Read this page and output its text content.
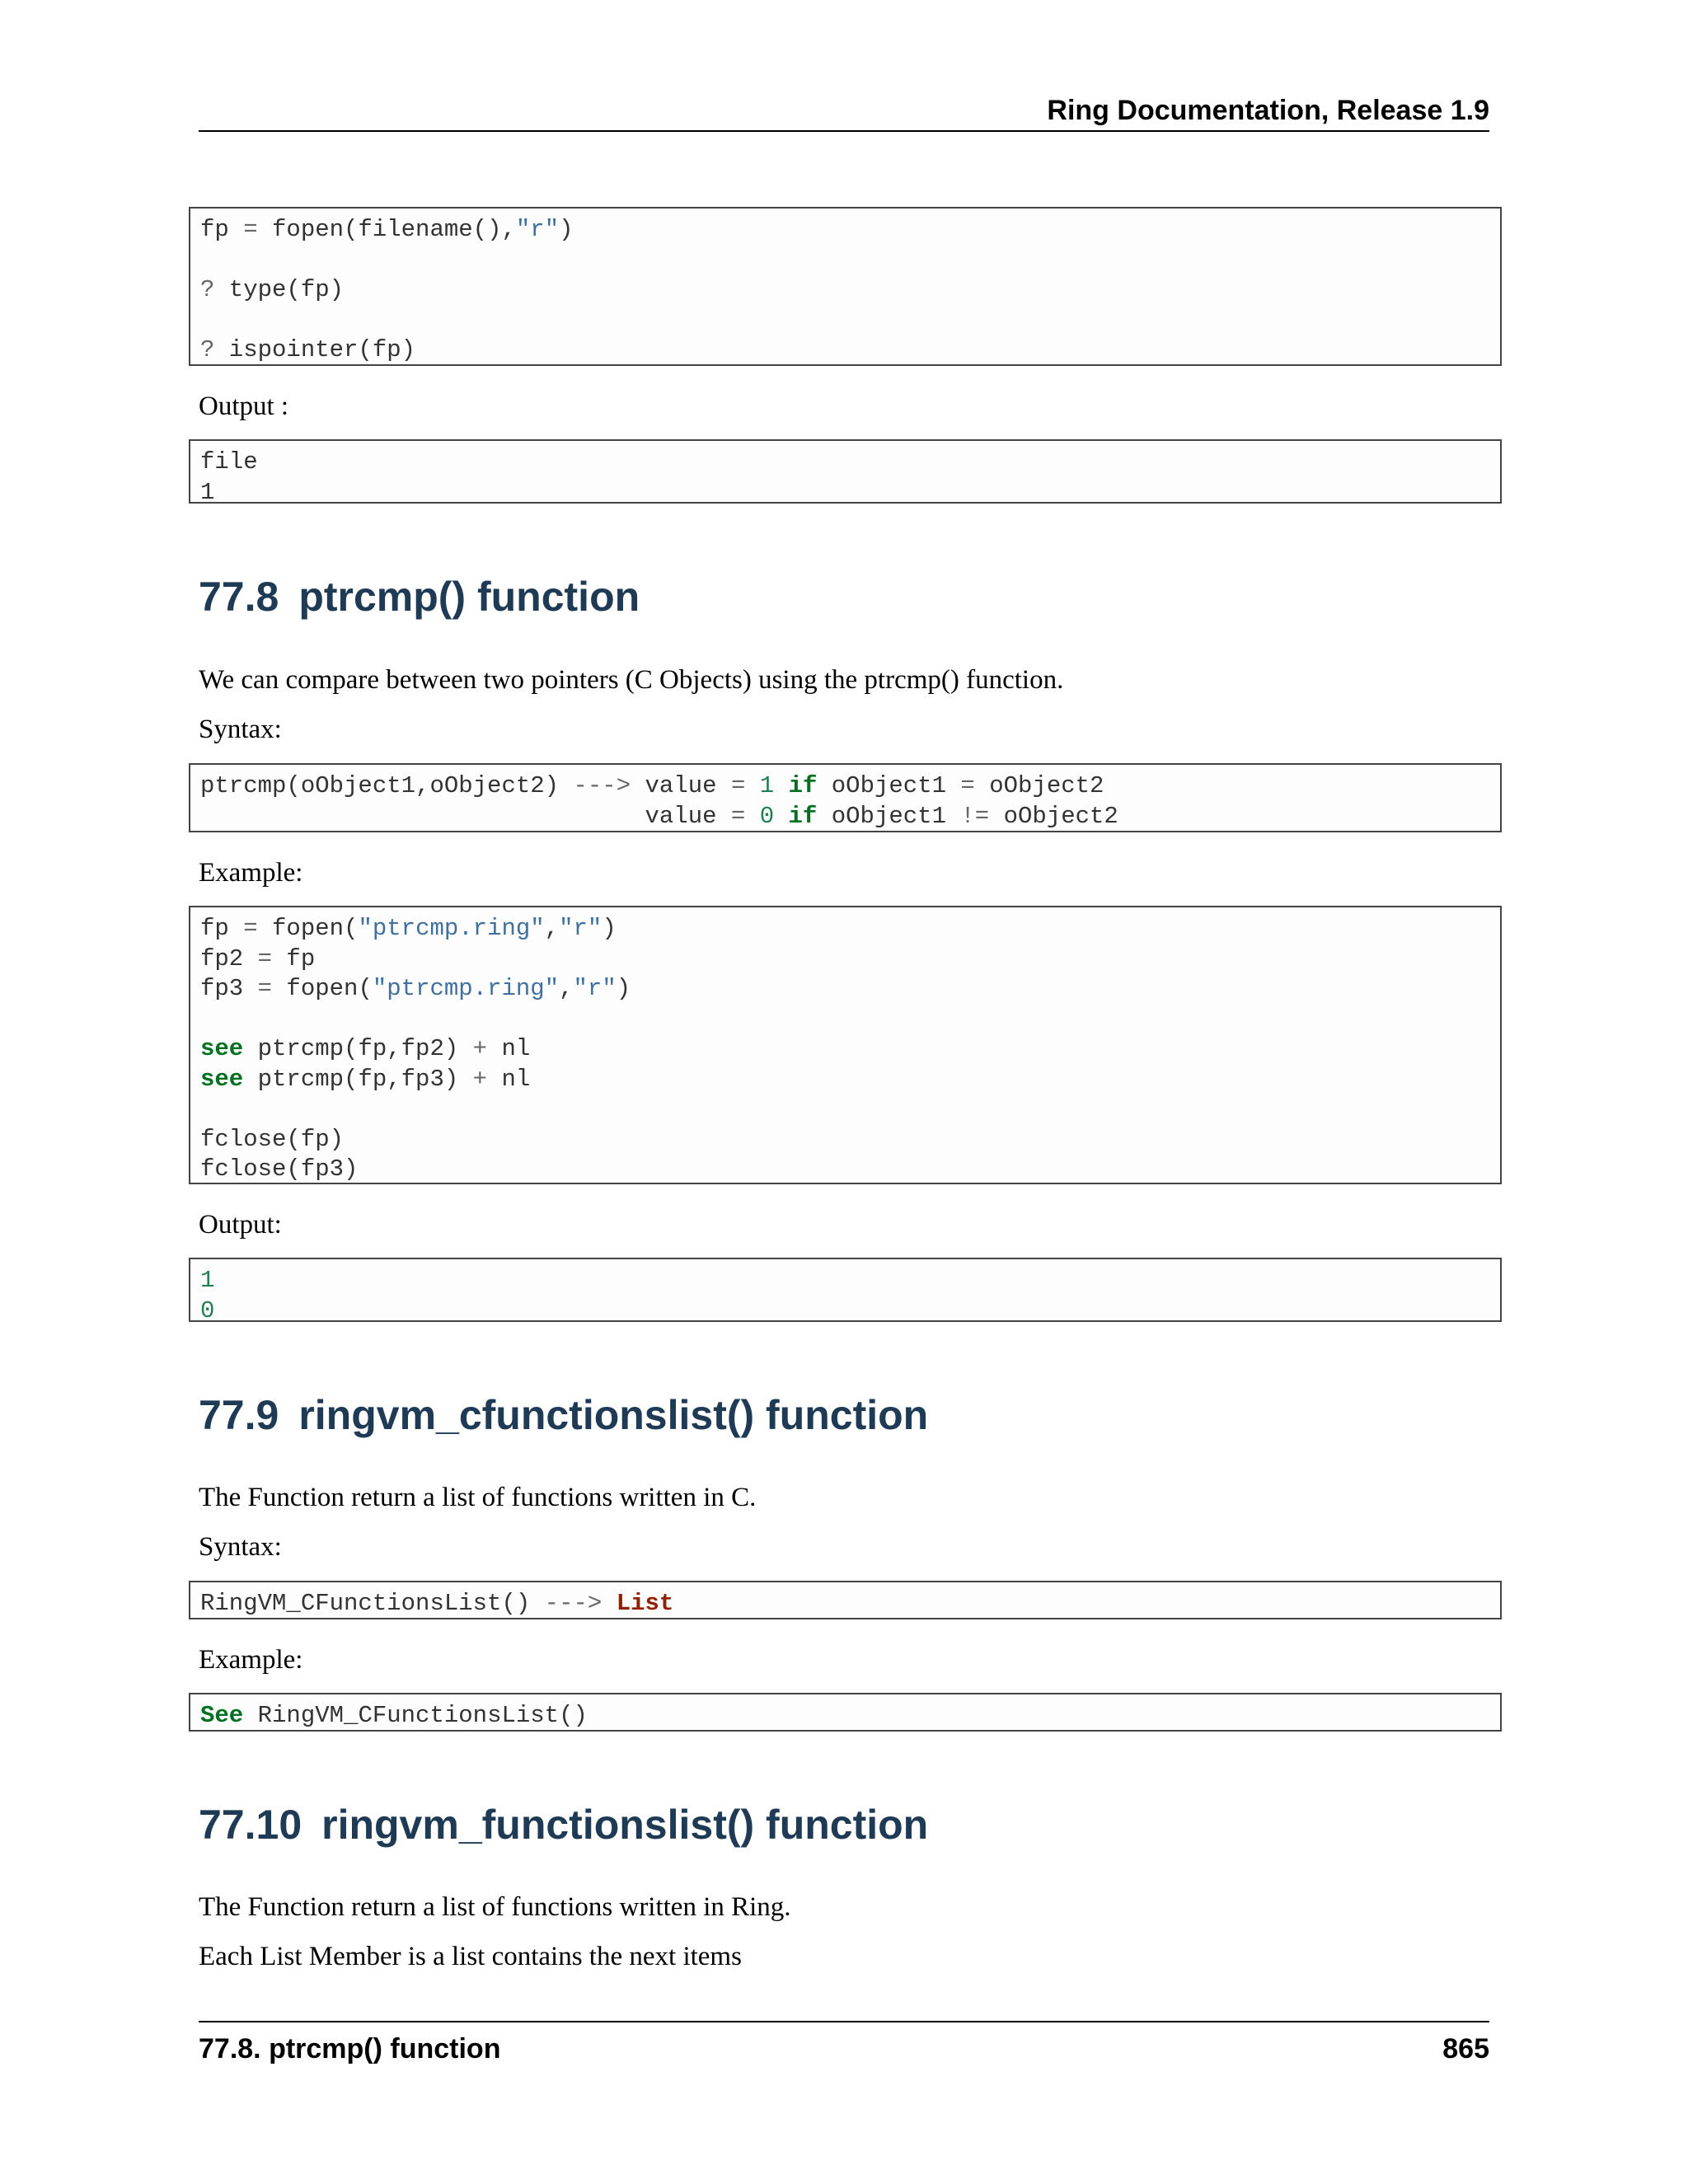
Ring Documentation, Release 1.9
fp = fopen(filename(),"r")

? type(fp)

? ispointer(fp)
Output :
file
1
77.8 ptrcmp() function
We can compare between two pointers (C Objects) using the ptrcmp() function.
Syntax:
ptrcmp(oObject1,oObject2) ---> value = 1 if oObject1 = oObject2
value = 0 if oObject1 != oObject2
Example:
fp = fopen("ptrcmp.ring","r")
fp2 = fp
fp3 = fopen("ptrcmp.ring","r")

see ptrcmp(fp,fp2) + nl
see ptrcmp(fp,fp3) + nl

fclose(fp)
fclose(fp3)
Output:
1
0
77.9 ringvm_cfunctionslist() function
The Function return a list of functions written in C.
Syntax:
RingVM_CFunctionsList() ---> List
Example:
See RingVM_CFunctionsList()
77.10 ringvm_functionslist() function
The Function return a list of functions written in Ring.
Each List Member is a list contains the next items
77.8. ptrcmp() function	865
